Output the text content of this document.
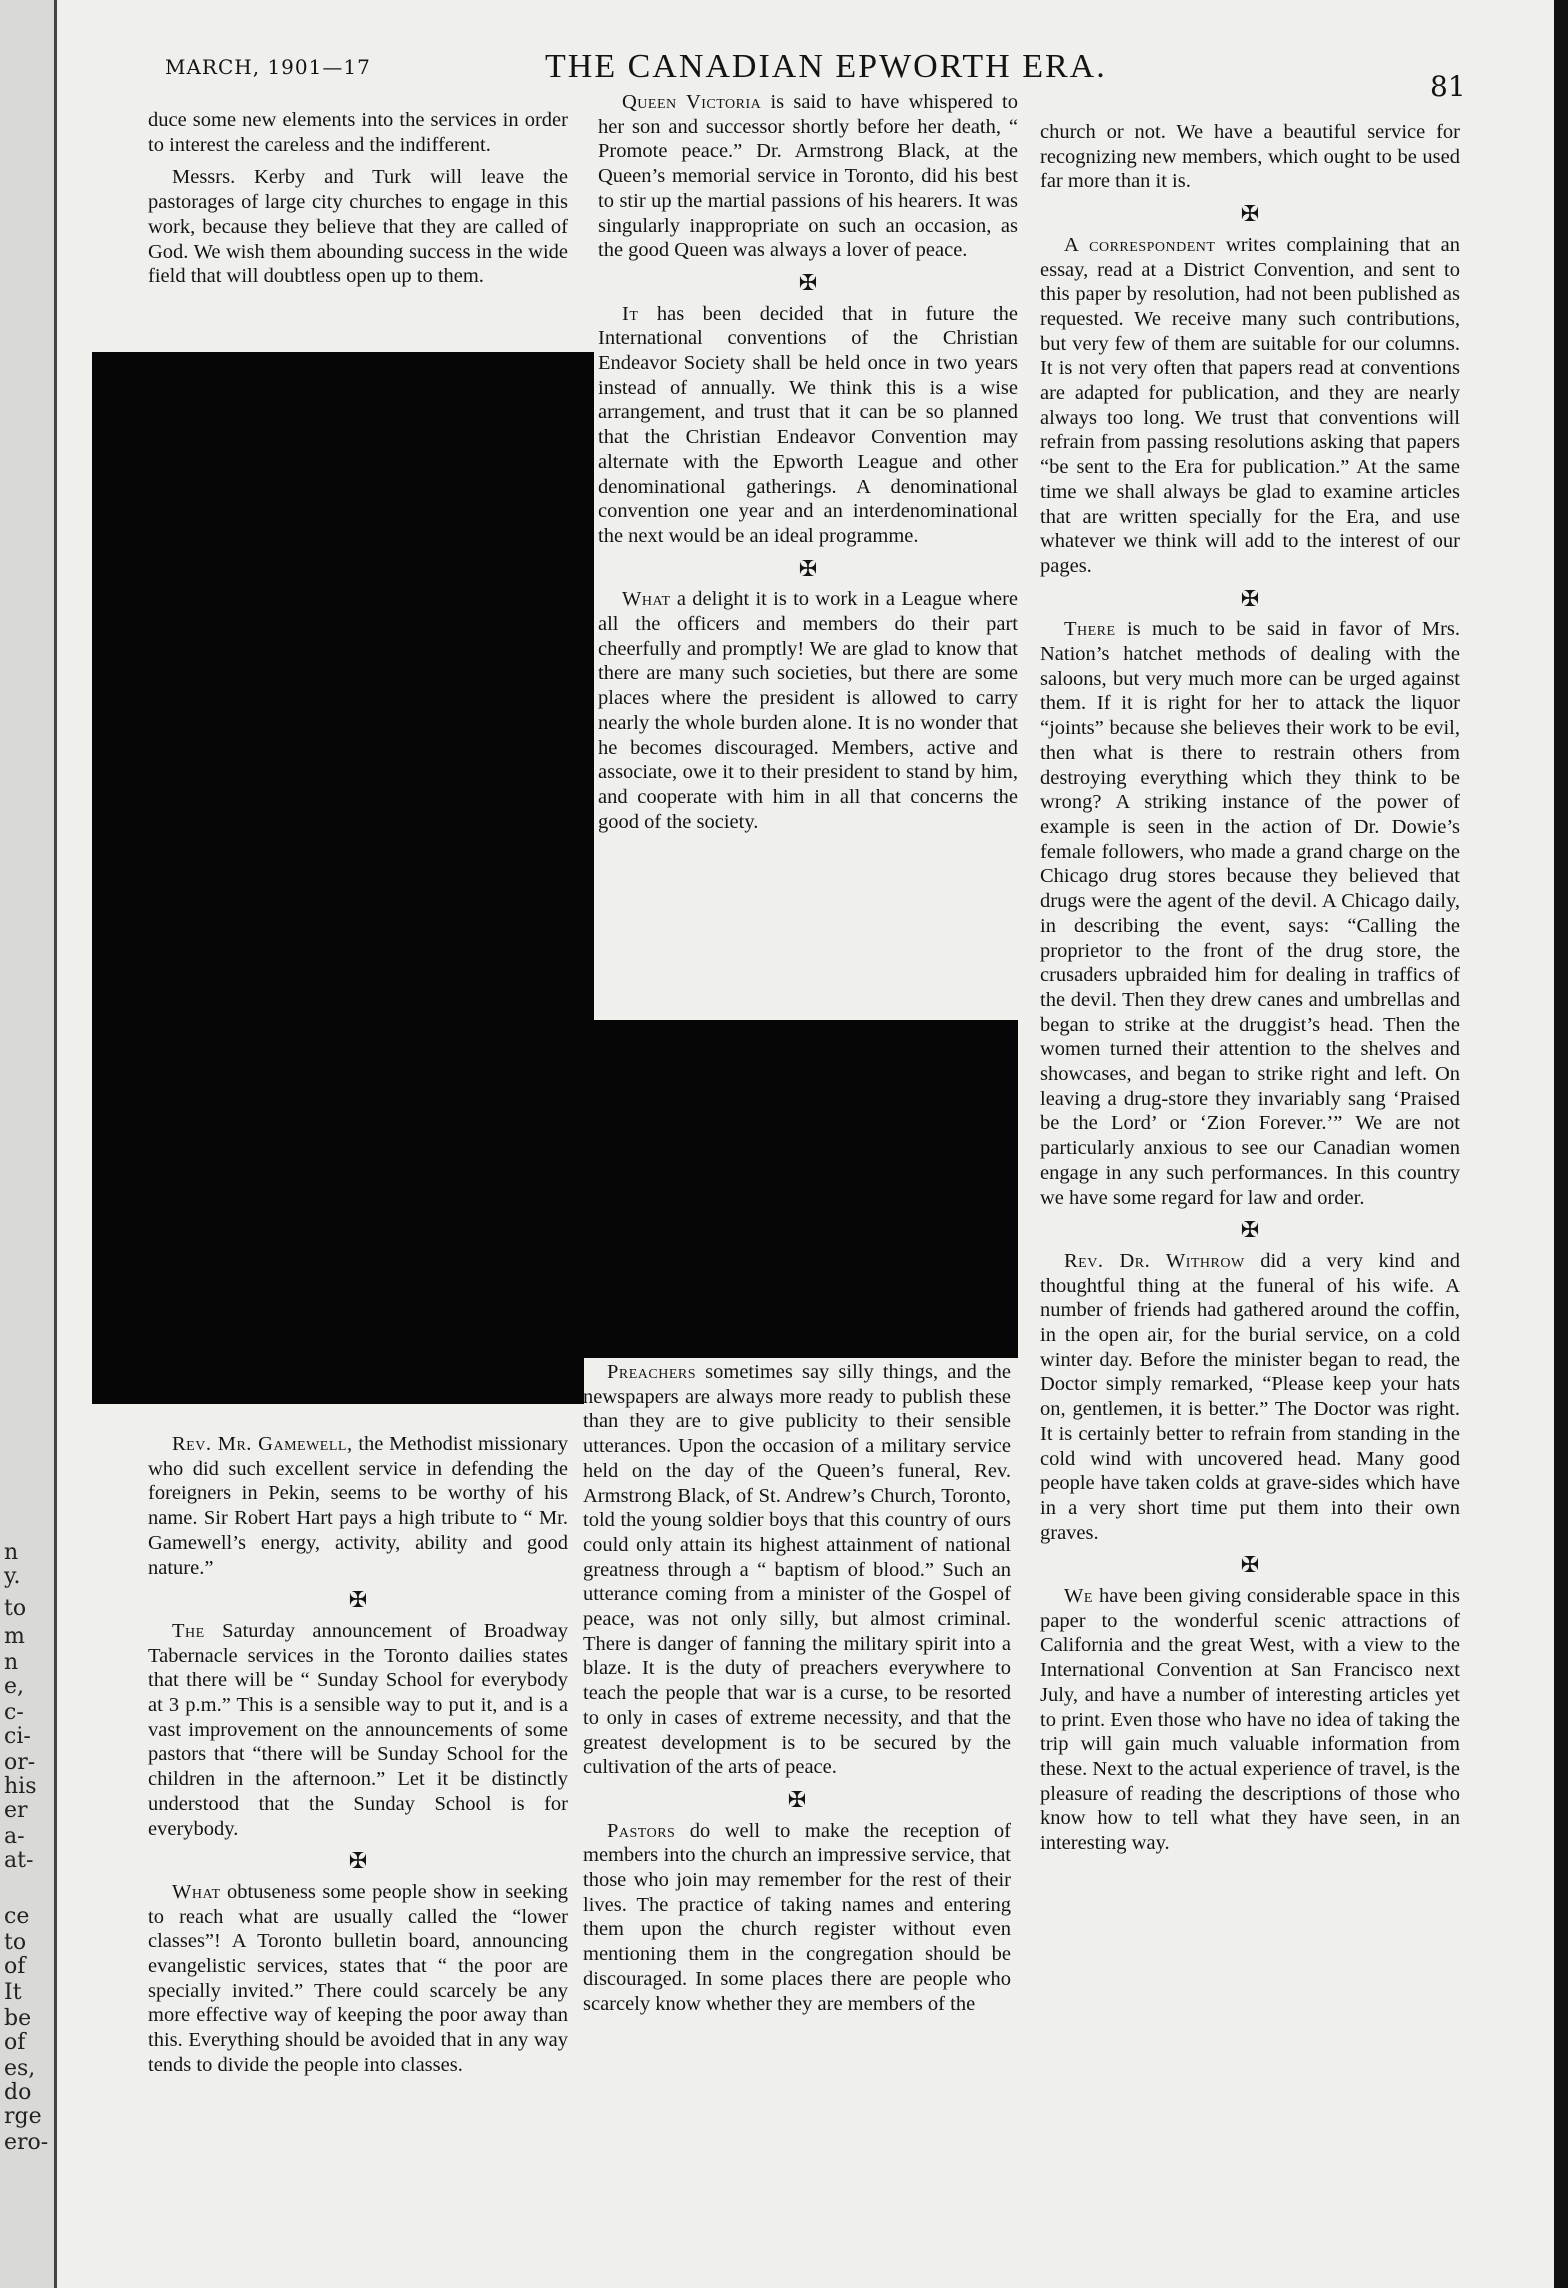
n
y.
to
m
n
e,
c-
ci-
or-
his
er
a-
at-
ce
to
of
It
be
of
es,
do
rge
ero-
MARCH, 1901—17	THE CANADIAN EPWORTH ERA.
81

duce some new elements into the services in order to interest the careless and the indifferent.

Messrs. Kerby and Turk will leave the pastorages of large city churches to engage in this work, because they believe that they are called of God. We wish them abounding success in the wide field that will doubtless open up to them.

Rev. Mr. Gamewell, the Methodist missionary who did such excellent service in defending the foreigners in Pekin, seems to be worthy of his name. Sir Robert Hart pays a high tribute to “ Mr. Gamewell’s energy, activity, ability and good nature.”

✠

The Saturday announcement of Broadway Tabernacle services in the Toronto dailies states that there will be “ Sunday School for everybody at 3 p.m.” This is a sensible way to put it, and is a vast improvement on the announcements of some pastors that “there will be Sunday School for the children in the afternoon.” Let it be distinctly understood that the Sunday School is for everybody.

✠

What obtuseness some people show in seeking to reach what are usually called the “lower classes”! A Toronto bulletin board, announcing evangelistic services, states that “ the poor are specially invited.” There could scarcely be any more effective way of keeping the poor away than this. Everything should be avoided that in any way tends to divide the people into classes.

Queen Victoria is said to have whispered to her son and successor shortly before her death, “ Promote peace.” Dr. Armstrong Black, at the Queen’s memorial service in Toronto, did his best to stir up the martial passions of his hearers. It was singularly inappropriate on such an occasion, as the good Queen was always a lover of peace.

✠

It has been decided that in future the International conventions of the Christian Endeavor Society shall be held once in two years instead of annually. We think this is a wise arrangement, and trust that it can be so planned that the Christian Endeavor Convention may alternate with the Epworth League and other denominational gatherings. A denominational convention one year and an interdenominational the next would be an ideal programme.

✠

What a delight it is to work in a League where all the officers and members do their part cheerfully and promptly! We are glad to know that there are many such societies, but there are some places where the president is allowed to carry nearly the whole burden alone. It is no wonder that he becomes discouraged. Members, active and associate, owe it to their president to stand by him, and cooperate with him in all that concerns the good of the society.

Preachers sometimes say silly things, and the newspapers are always more ready to publish these than they are to give publicity to their sensible utterances. Upon the occasion of a military service held on the day of the Queen’s funeral, Rev. Armstrong Black, of St. Andrew’s Church, Toronto, told the young soldier boys that this country of ours could only attain its highest attainment of national greatness through a “ baptism of blood.” Such an utterance coming from a minister of the Gospel of peace, was not only silly, but almost criminal. There is danger of fanning the military spirit into a blaze. It is the duty of preachers everywhere to teach the people that war is a curse, to be resorted to only in cases of extreme necessity, and that the greatest development is to be secured by the cultivation of the arts of peace.

✠

Pastors do well to make the reception of members into the church an impressive service, that those who join may remember for the rest of their lives. The practice of taking names and entering them upon the church register without even mentioning them in the congregation should be discouraged. In some places there are people who scarcely know whether they are members of the

church or not. We have a beautiful service for recognizing new members, which ought to be used far more than it is.

✠

A correspondent writes complaining that an essay, read at a District Convention, and sent to this paper by resolution, had not been published as requested. We receive many such contributions, but very few of them are suitable for our columns. It is not very often that papers read at conventions are adapted for publication, and they are nearly always too long. We trust that conventions will refrain from passing resolutions asking that papers “be sent to the Era for publication.” At the same time we shall always be glad to examine articles that are written specially for the Era, and use whatever we think will add to the interest of our pages.

✠

There is much to be said in favor of Mrs. Nation’s hatchet methods of dealing with the saloons, but very much more can be urged against them. If it is right for her to attack the liquor “joints” because she believes their work to be evil, then what is there to restrain others from destroying everything which they think to be wrong? A striking instance of the power of example is seen in the action of Dr. Dowie’s female followers, who made a grand charge on the Chicago drug stores because they believed that drugs were the agent of the devil. A Chicago daily, in describing the event, says: “Calling the proprietor to the front of the drug store, the crusaders upbraided him for dealing in traffics of the devil. Then they drew canes and umbrellas and began to strike at the druggist’s head. Then the women turned their attention to the shelves and showcases, and began to strike right and left. On leaving a drug-store they invariably sang ‘Praised be the Lord’ or ‘Zion Forever.’” We are not particularly anxious to see our Canadian women engage in any such performances. In this country we have some regard for law and order.

✠

Rev. Dr. Withrow did a very kind and thoughtful thing at the funeral of his wife. A number of friends had gathered around the coffin, in the open air, for the burial service, on a cold winter day. Before the minister began to read, the Doctor simply remarked, “Please keep your hats on, gentlemen, it is better.” The Doctor was right. It is certainly better to refrain from standing in the cold wind with uncovered head. Many good people have taken colds at grave-sides which have in a very short time put them into their own graves.

✠

We have been giving considerable space in this paper to the wonderful scenic attractions of California and the great West, with a view to the International Convention at San Francisco next July, and have a number of interesting articles yet to print. Even those who have no idea of taking the trip will gain much valuable information from these. Next to the actual experience of travel, is the pleasure of reading the descriptions of those who know how to tell what they have seen, in an interesting way.
